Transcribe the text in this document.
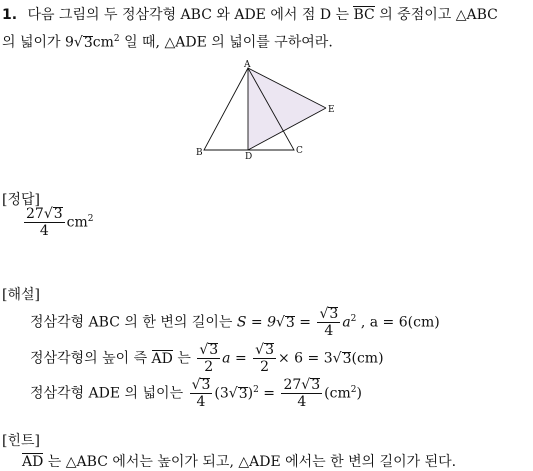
1. 다음 그림의 두 정삼각형 ABC 와 ADE 에서 점 D 는 BC 의 중점이고 △ABC
의 넓이가 $9√3cm^2$ 일 때, △ADE 의 넓이를 구하여라.
A
B	C
D
E
[정답]
$\frac{27√3}{4} cm^2$
[해설]
정삼각형 ABC 의 한 변의 길이는 $S = 9√3 = \frac{√3}{4} a^2$ , a = 6(cm)
정삼각형의 높이 즉 AD 는 $\frac{√3}{2}$ $a = \frac{√3}{2} \times 6 = 3√3(cm)$
정삼각형 ADE 의 넓이는 $\frac{√3}{4} (3√3)^2 = \frac{27√3}{4} (cm^2)$
[힌트]
AD 는 △ABC 에서는 높이가 되고, △ADE 에서는 한 변의 길이가 된다.
